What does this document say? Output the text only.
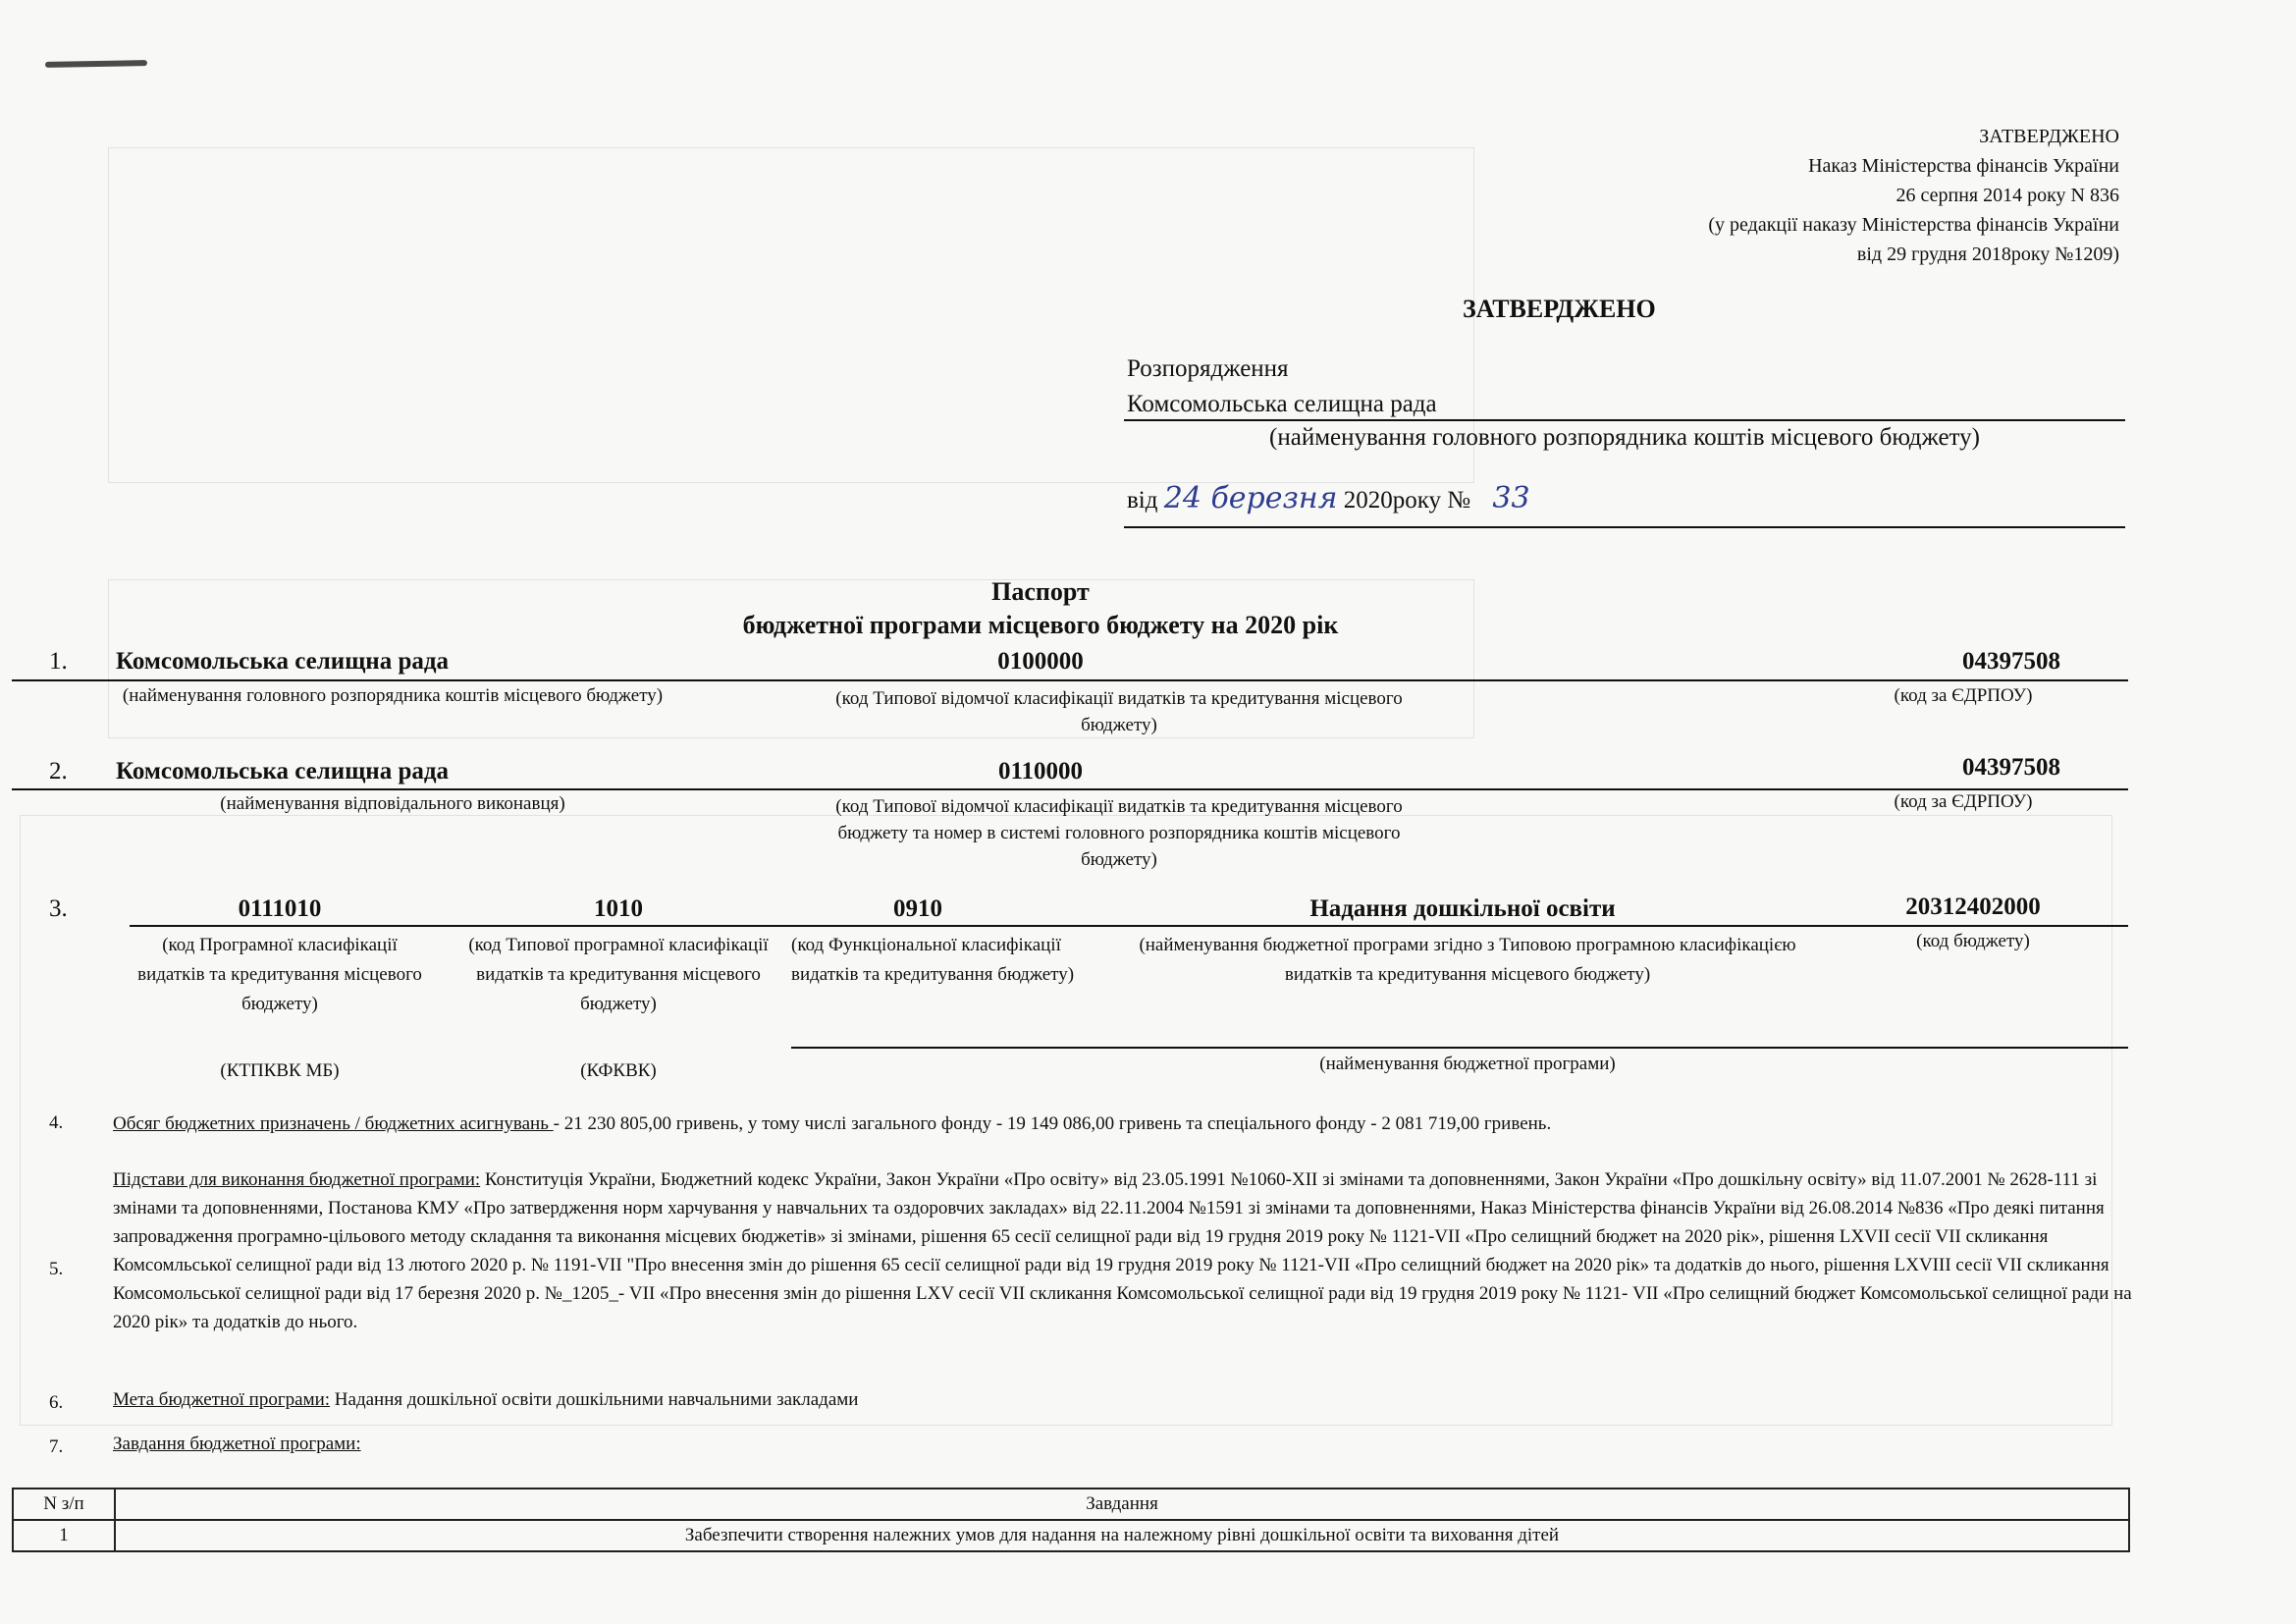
ЗАТВЕРДЖЕНО
Наказ Міністерства фінансів України
26 серпня 2014 року N 836
(у редакції наказу Міністерства фінансів України
від 29 грудня 2018року №1209)
ЗАТВЕРДЖЕНО
Розпорядження
Комсомольська селищна рада
(найменування головного розпорядника коштів місцевого бюджету)
від 24 березня 2020року № 33
Паспорт
бюджетної програми місцевого бюджету на 2020 рік
1. Комсомольська селищна рада	0100000	04397508
(найменування головного розпорядника коштів місцевого бюджету)	(код Типової відомчої класифікації видатків та кредитування місцевого бюджету)
(код за ЄДРПОУ)
2. Комсомольська селищна рада	0110000	04397508
(найменування відповідального виконавця)	(код Типової відомчої класифікації видатків та кредитування місцевого бюджету та номер в системі головного розпорядника коштів місцевого бюджету)
(код за ЄДРПОУ)
3.	0111010	1010	0910	Надання дошкільної освіти	20312402000
(код Програмної класифікації видатків та кредитування місцевого бюджету)
(код Типової програмної класифікації видатків та кредитування місцевого бюджету)
(код Функціональної класифікації видатків та кредитування бюджету)
(найменування бюджетної програми згідно з Типовою програмною класифікацією видатків та кредитування місцевого бюджету)
(код бюджету)
(найменування бюджетної програми)
(КТПКВК МБ)	(КФКВК)
4.	Обсяг бюджетних призначень / бюджетних асигнувань - 21 230 805,00 гривень, у тому числі загального фонду - 19 149 086,00 гривень та спеціального фонду - 2 081 719,00 гривень.
5.
Підстави для виконання бюджетної програми: Конституція України, Бюджетний кодекс України, Закон України «Про освіту» від 23.05.1991 №1060-XII зі змінами та доповненнями, Закон України «Про дошкільну освіту» від 11.07.2001 № 2628-111 зі змінами та доповненнями, Постанова КМУ «Про затвердження норм харчування у навчальних та оздоровчих закладах» від 22.11.2004 №1591 зі змінами та доповненнями, Наказ Міністерства фінансів України від 26.08.2014 №836 «Про деякі питання запровадження програмно-цільового методу складання та виконання місцевих бюджетів» зі змінами, рішення 65 сесії селищної ради від 19 грудня 2019 року № 1121-VII «Про селищний бюджет на 2020 рік», рішення LXVII сесії VII скликання Комсомльської селищної ради від 13 лютого 2020 р. № 1191-VII "Про внесення змін до рішення 65 сесії селищної ради від 19 грудня 2019 року № 1121-VII «Про селищний бюджет на 2020 рік» та додатків до нього, рішення LXVIII сесії VII скликання Комсомольської селищної ради від 17 березня 2020 р. №_1205_- VII «Про внесення змін до рішення LXV сесії VII скликання Комсомольської селищної ради від 19 грудня 2019 року № 1121- VII «Про селищний бюджет Комсомольської селищної ради на 2020 рік» та додатків до нього.
6.	Мета бюджетної програми: Надання дошкільної освіти дошкільними навчальними закладами
7.	Завдання бюджетної програми:
N з/п	Завдання
1	Забезпечити створення належних умов для надання на належному рівні дошкільної освіти та виховання дітей
